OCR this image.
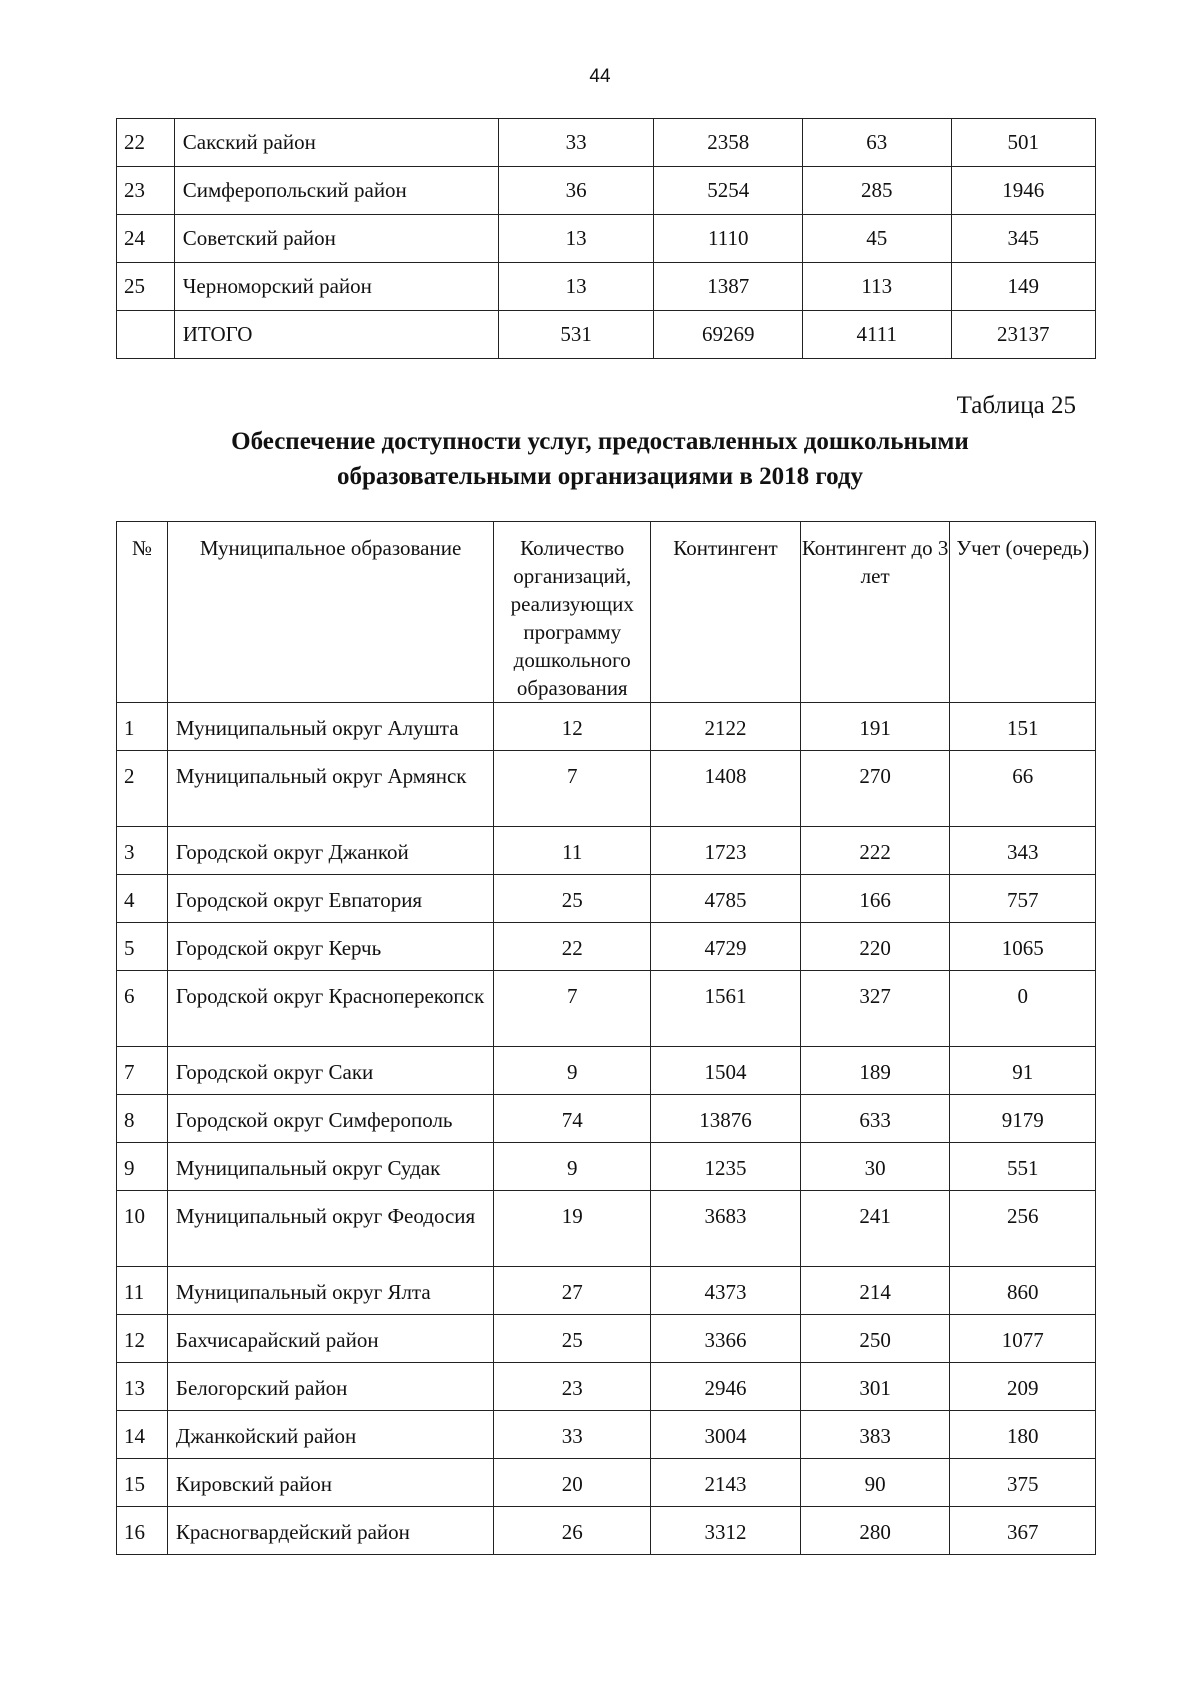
44
22	Сакский район	33	2358	63	501
23	Симферопольский район	36	5254	285	1946
24	Советский район	13	1110	45	345
25	Черноморский район	13	1387	113	149
	ИТОГО	531	69269	4111	23137
Таблица 25
Обеспечение доступности услуг, предоставленных дошкольными
образовательными организациями в 2018 году
№	Муниципальное образование	Количество организаций, реализующих программу дошкольного образования	Контингент	Контингент до 3 лет	Учет (очередь)
1	Муниципальный округ Алушта	12	2122	191	151
2	Муниципальный округ Армянск	7	1408	270	66
3	Городской округ Джанкой	11	1723	222	343
4	Городской округ Евпатория	25	4785	166	757
5	Городской округ Керчь	22	4729	220	1065
6	Городской округ Красноперекопск	7	1561	327	0
7	Городской округ Саки	9	1504	189	91
8	Городской округ Симферополь	74	13876	633	9179
9	Муниципальный округ Судак	9	1235	30	551
10	Муниципальный округ Феодосия	19	3683	241	256
11	Муниципальный округ Ялта	27	4373	214	860
12	Бахчисарайский район	25	3366	250	1077
13	Белогорский район	23	2946	301	209
14	Джанкойский район	33	3004	383	180
15	Кировский район	20	2143	90	375
16	Красногвардейский район	26	3312	280	367
